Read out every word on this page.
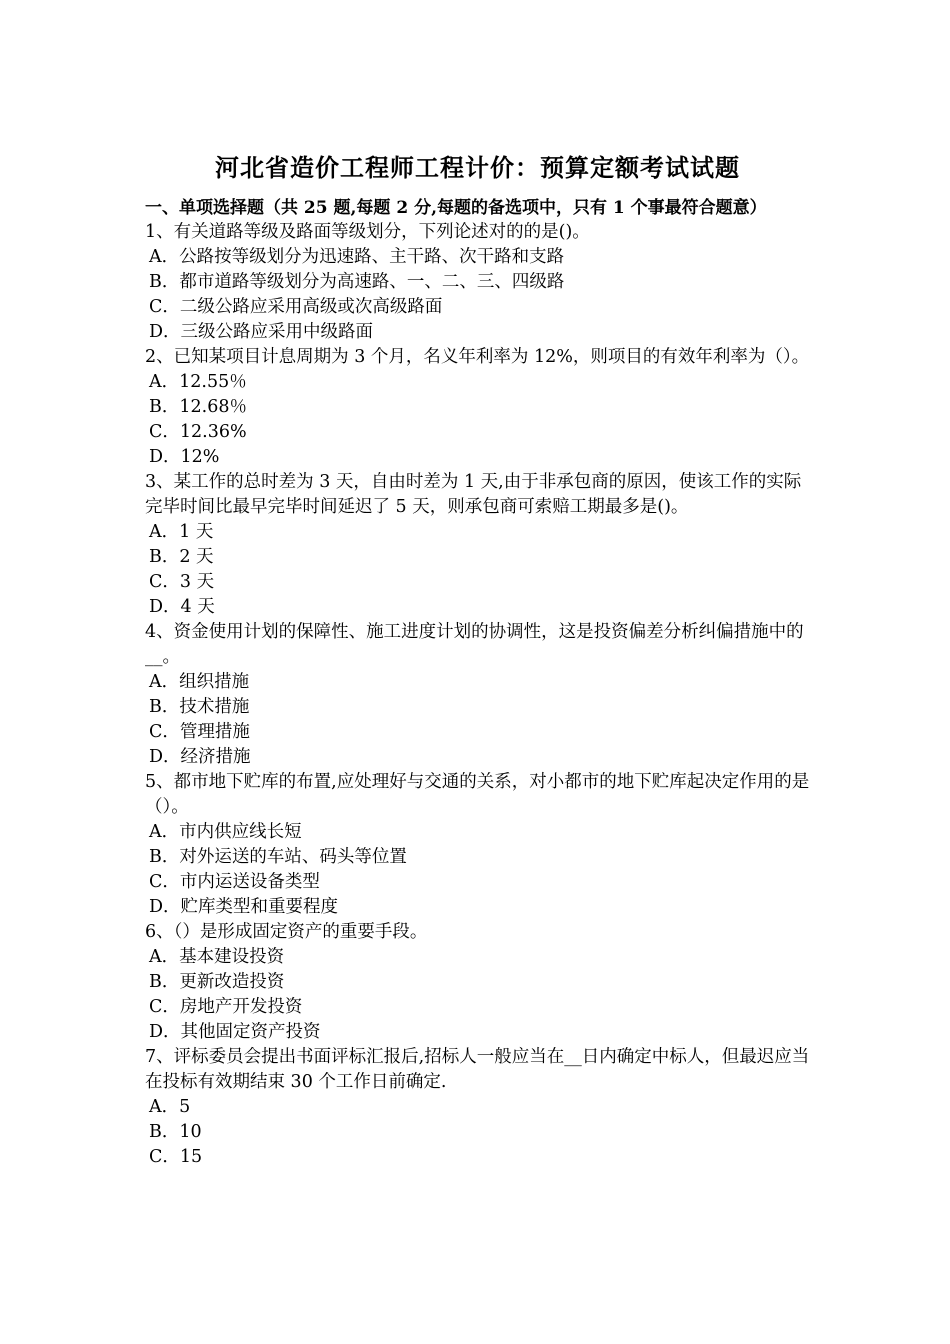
河北省造价工程师工程计价：预算定额考试试题
一、单项选择题（共 25 题,每题 2 分,每题的备选项中，只有 1 个事最符合题意）
1、有关道路等级及路面等级划分，下列论述对的的是()。
A．公路按等级划分为迅速路、主干路、次干路和支路
B．都市道路等级划分为高速路、一、二、三、四级路
C．二级公路应采用高级或次高级路面
D．三级公路应采用中级路面
2、已知某项目计息周期为 3 个月，名义年利率为 12%，则项目的有效年利率为（）。
A．12.55％
B．12.68％
C．12.36%
D．12%
3、某工作的总时差为 3 天，自由时差为 1 天,由于非承包商的原因，使该工作的实际完毕时间比最早完毕时间延迟了 5 天，则承包商可索赔工期最多是()。
A．1 天
B．2 天
C．3 天
D．4 天
4、资金使用计划的保障性、施工进度计划的协调性，这是投资偏差分析纠偏措施中的__。
A．组织措施
B．技术措施
C．管理措施
D．经济措施
5、都市地下贮库的布置,应处理好与交通的关系，对小都市的地下贮库起决定作用的是（）。
A．市内供应线长短
B．对外运送的车站、码头等位置
C．市内运送设备类型
D．贮库类型和重要程度
6、（）是形成固定资产的重要手段。
A．基本建设投资
B．更新改造投资
C．房地产开发投资
D．其他固定资产投资
7、评标委员会提出书面评标汇报后,招标人一般应当在__日内确定中标人，但最迟应当在投标有效期结束 30 个工作日前确定.
A．5
B．10
C．15
